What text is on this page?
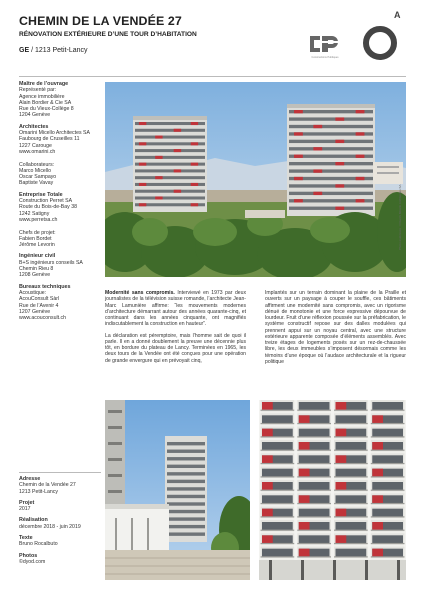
CHEMIN DE LA VENDÉE 27
RÉNOVATION EXTÉRIEURE D’UNE TOUR D’HABITATION
GE / 1213 Petit-Lancy
Constructions Publiques
A
Maître de l’ouvrage
Représenté par:
Agence immobilière
Alain Bordier & Cie SA
Rue du Vieux-Collège 8
1204 Genève
Architectes
Omarini Micello Architectes SA
Faubourg de Cruseilles 11
1227 Carouge
www.omarini.ch

Collaborateurs:
Marco Micello
Oscar Sampayo
Baptiste Vavay
Entreprise Totale
Construction Perret SA
Route du Bois-de-Bay 38
1242 Satigny
www.perretsa.ch

Chefs de projet:
Fabien Bordet
Jérôme Levorin
Ingénieur civil
B+S ingénieurs conseils SA
Chemin Rieu 8
1208 Genève
Bureaux techniques
Acoustique:
AcouConsult Sàrl
Rue de l’Avenir 4
1207 Genève
www.acouconsult.ch
Photo extérieure : Omarini Micello Architectes SA

Modernité sans compromis. Interviewé en 1973 par deux journalistes de la télévision suisse romande, l’architecte Jean-Marc Lamunière affirme: “les mouvements modernes d’architecture démarrant autour des années quarante-cinq, et continuant dans les années cinquante, ont magnifiés indiscutablement la construction en hauteur”.

La déclaration est péremptoire, mais l’homme sait de quoi il parle. Il en a donné doublement la preuve une décennie plus tôt, en bordure du plateau de Lancy. Terminées en 1965, les deux tours de la Vendée ont été conçues pour une opération de grande envergure qui en prévoyait cinq,

Implantés sur un terrain dominant la plaine de la Praille et ouverts sur un paysage à couper le souffle, ces bâtiments affirment une modernité sans compromis, avec un rigorisme dénué de monotonie et une force expressive dépourvue de lourdeur. Fruit d’une réflexion poussée sur la préfabrication, le système constructif repose sur des dalles modulées qui prennent appui sur un noyau central, avec une structure extérieure apparente composée d’éléments assemblés. Avec treize étages de logements posés sur un rez-de-chaussée libre, les deux immeubles s’imposent désormais comme les témoins d’une époque où l’audace architecturale et la rigueur politique

Adresse
Chemin de la Vendée 27
1213 Petit-Lancy
Projet
2017
Réalisation
décembre 2018 - juin 2019
Texte
Bruno Rocalbuto
Photos
©dyod.com
